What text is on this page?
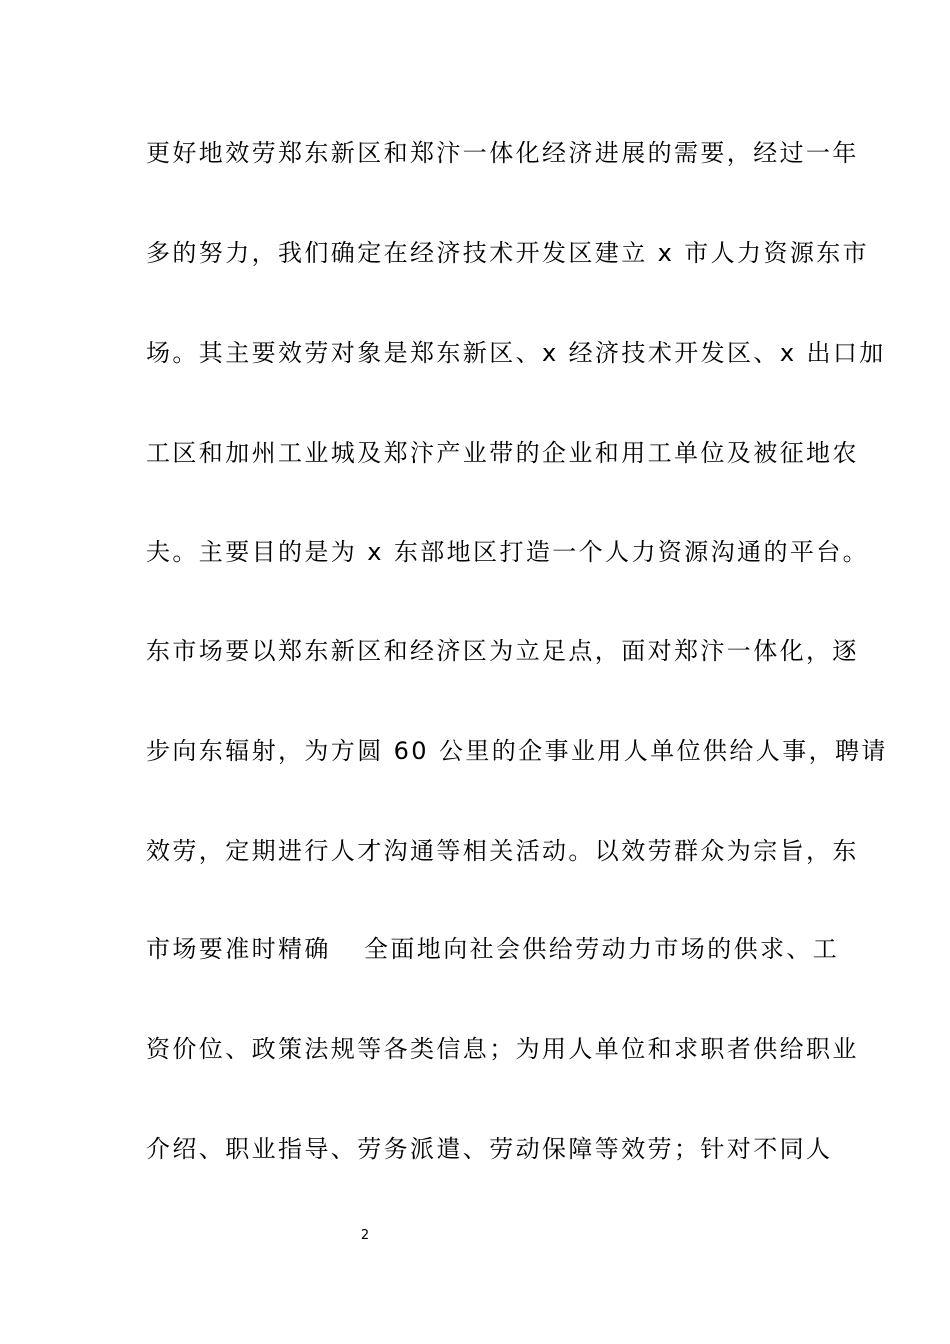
更好地效劳郑东新区和郑汴一体化经济进展的需要，经过一年
多的努力，我们确定在经济技术开发区建立 x 市人力资源东市
场。其主要效劳对象是郑东新区、x 经济技术开发区、x 出口加
工区和加州工业城及郑汴产业带的企业和用工单位及被征地农
夫。主要目的是为 x 东部地区打造一个人力资源沟通的平台。
东市场要以郑东新区和经济区为立足点，面对郑汴一体化，逐
步向东辐射，为方圆 60 公里的企事业用人单位供给人事，聘请
效劳，定期进行人才沟通等相关活动。以效劳群众为宗旨，东
市场要准时精确 全面地向社会供给劳动力市场的供求、工
资价位、政策法规等各类信息；为用人单位和求职者供给职业
介绍、职业指导、劳务派遣、劳动保障等效劳；针对不同人
2
